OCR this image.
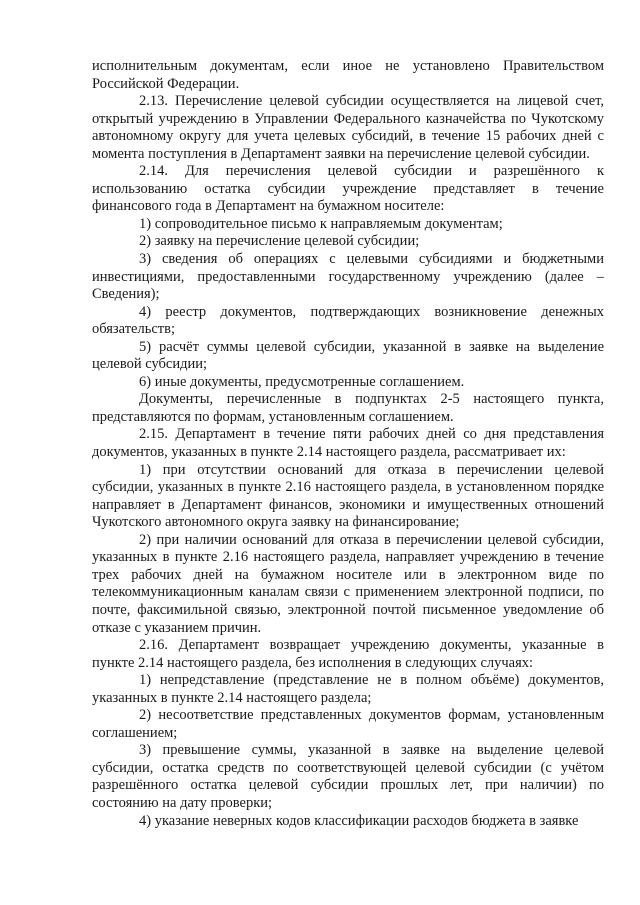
исполнительным документам, если иное не установлено Правительством Российской Федерации.

2.13. Перечисление целевой субсидии осуществляется на лицевой счет, открытый учреждению в Управлении Федерального казначейства по Чукотскому автономному округу для учета целевых субсидий, в течение 15 рабочих дней с момента поступления в Департамент заявки на перечисление целевой субсидии.

2.14. Для перечисления целевой субсидии и разрешённого к использованию остатка субсидии учреждение представляет в течение финансового года в Департамент на бумажном носителе:

1) сопроводительное письмо к направляемым документам;

2) заявку на перечисление целевой субсидии;

3) сведения об операциях с целевыми субсидиями и бюджетными инвестициями, предоставленными государственному учреждению (далее – Сведения);

4) реестр документов, подтверждающих возникновение денежных обязательств;

5) расчёт суммы целевой субсидии, указанной в заявке на выделение целевой субсидии;

6) иные документы, предусмотренные соглашением.

Документы, перечисленные в подпунктах 2-5 настоящего пункта, представляются по формам, установленным соглашением.

2.15. Департамент в течение пяти рабочих дней со дня представления документов, указанных в пункте 2.14 настоящего раздела, рассматривает их:

1) при отсутствии оснований для отказа в перечислении целевой субсидии, указанных в пункте 2.16 настоящего раздела, в установленном порядке направляет в Департамент финансов, экономики и имущественных отношений Чукотского автономного округа заявку на финансирование;

2) при наличии оснований для отказа в перечислении целевой субсидии, указанных в пункте 2.16 настоящего раздела, направляет учреждению в течение трех рабочих дней на бумажном носителе или в электронном виде по телекоммуникационным каналам связи с применением электронной подписи, по почте, факсимильной связью, электронной почтой письменное уведомление об отказе с указанием причин.

2.16. Департамент возвращает учреждению документы, указанные в пункте 2.14 настоящего раздела, без исполнения в следующих случаях:

1) непредставление (представление не в полном объёме) документов, указанных в пункте 2.14 настоящего раздела;

2) несоответствие представленных документов формам, установленным соглашением;

3) превышение суммы, указанной в заявке на выделение целевой субсидии, остатка средств по соответствующей целевой субсидии (с учётом разрешённого остатка целевой субсидии прошлых лет, при наличии) по состоянию на дату проверки;

4) указание неверных кодов классификации расходов бюджета в заявке
